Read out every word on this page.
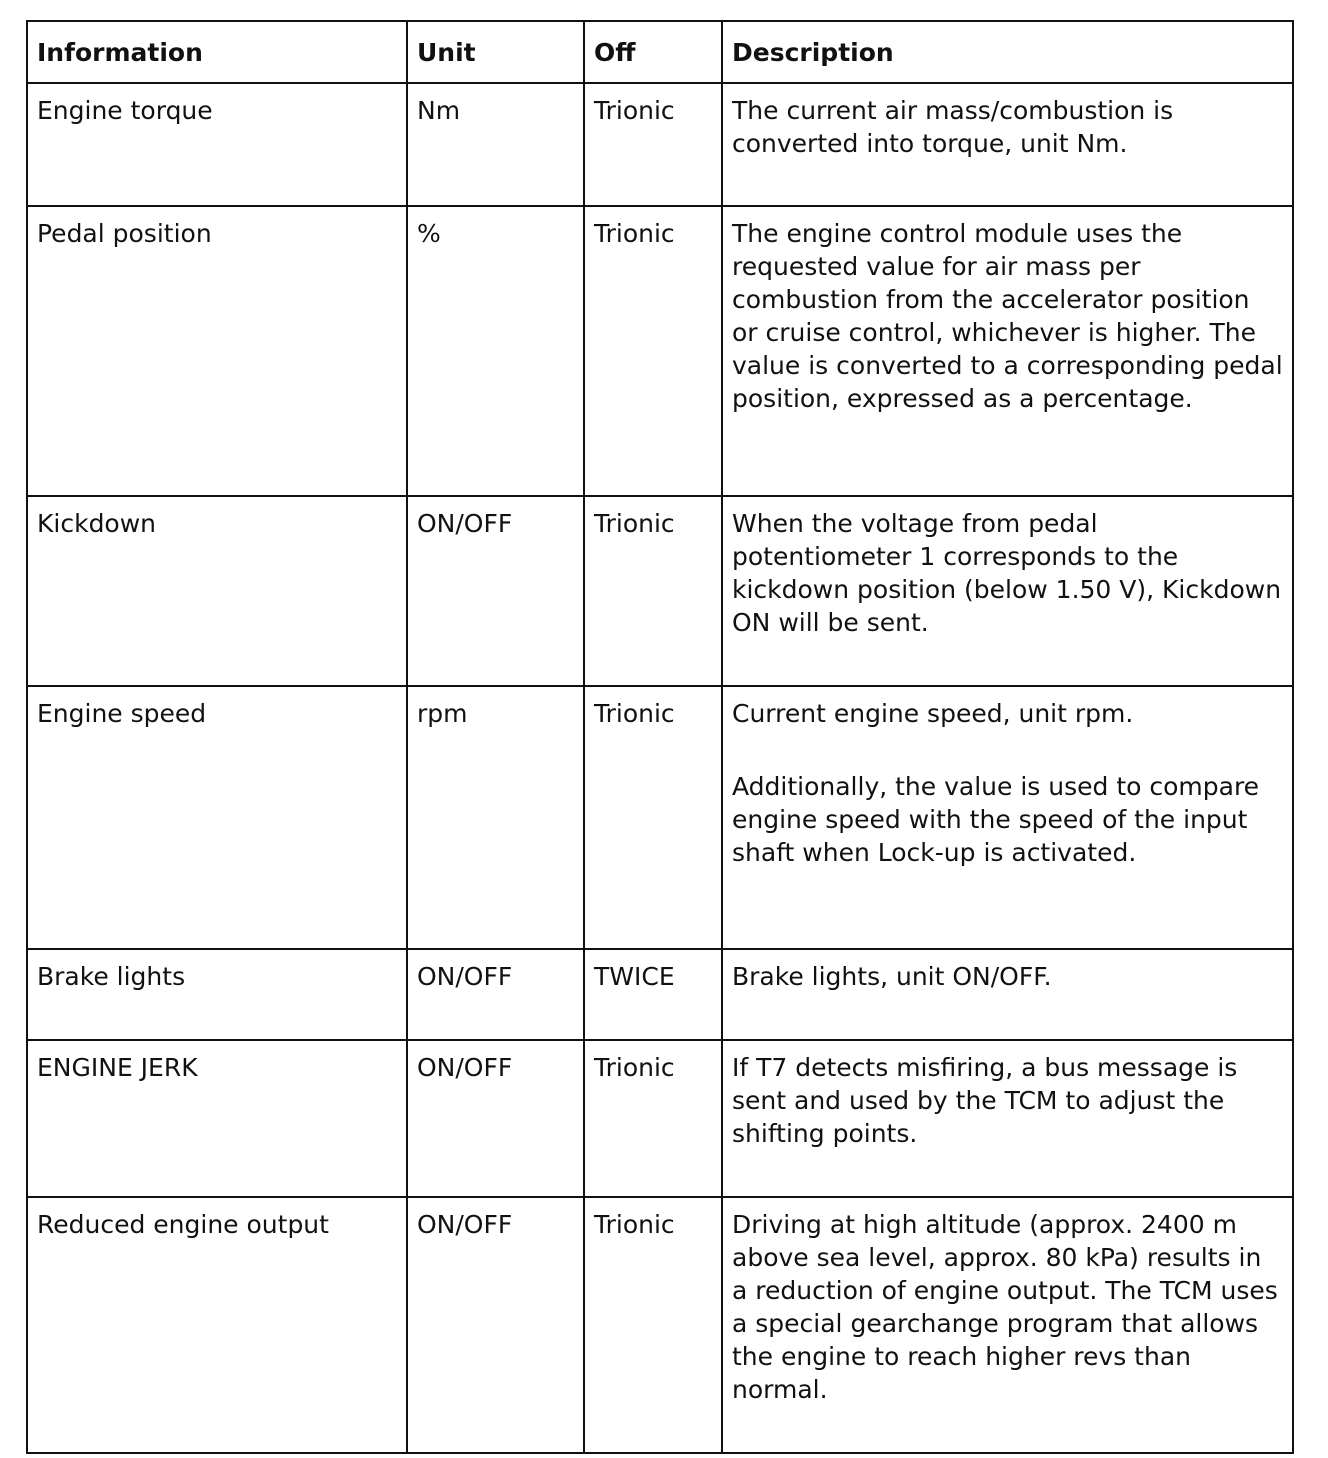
Information	Unit	Off	Description
Engine torque	Nm	Trionic	The current air mass/combustion is converted into torque, unit Nm.

Pedal position	%	Trionic	The engine control module uses the requested value for air mass per combustion from the accelerator position or cruise control, whichever is higher. The value is converted to a corresponding pedal position, expressed as a percentage.

Kickdown	ON/OFF	Trionic	When the voltage from pedal potentiometer 1 corresponds to the kickdown position (below 1.50 V), Kickdown ON will be sent.

Engine speed	rpm	Trionic	Current engine speed, unit rpm.

Additionally, the value is used to compare engine speed with the speed of the input shaft when Lock-up is activated.

Brake lights	ON/OFF	TWICE	Brake lights, unit ON/OFF.

ENGINE JERK	ON/OFF	Trionic	If T7 detects misfiring, a bus message is sent and used by the TCM to adjust the shifting points.

Reduced engine output	ON/OFF	Trionic	Driving at high altitude (approx. 2400 m above sea level, approx. 80 kPa) results in a reduction of engine output. The TCM uses a special gearchange program that allows the engine to reach higher revs than normal.
